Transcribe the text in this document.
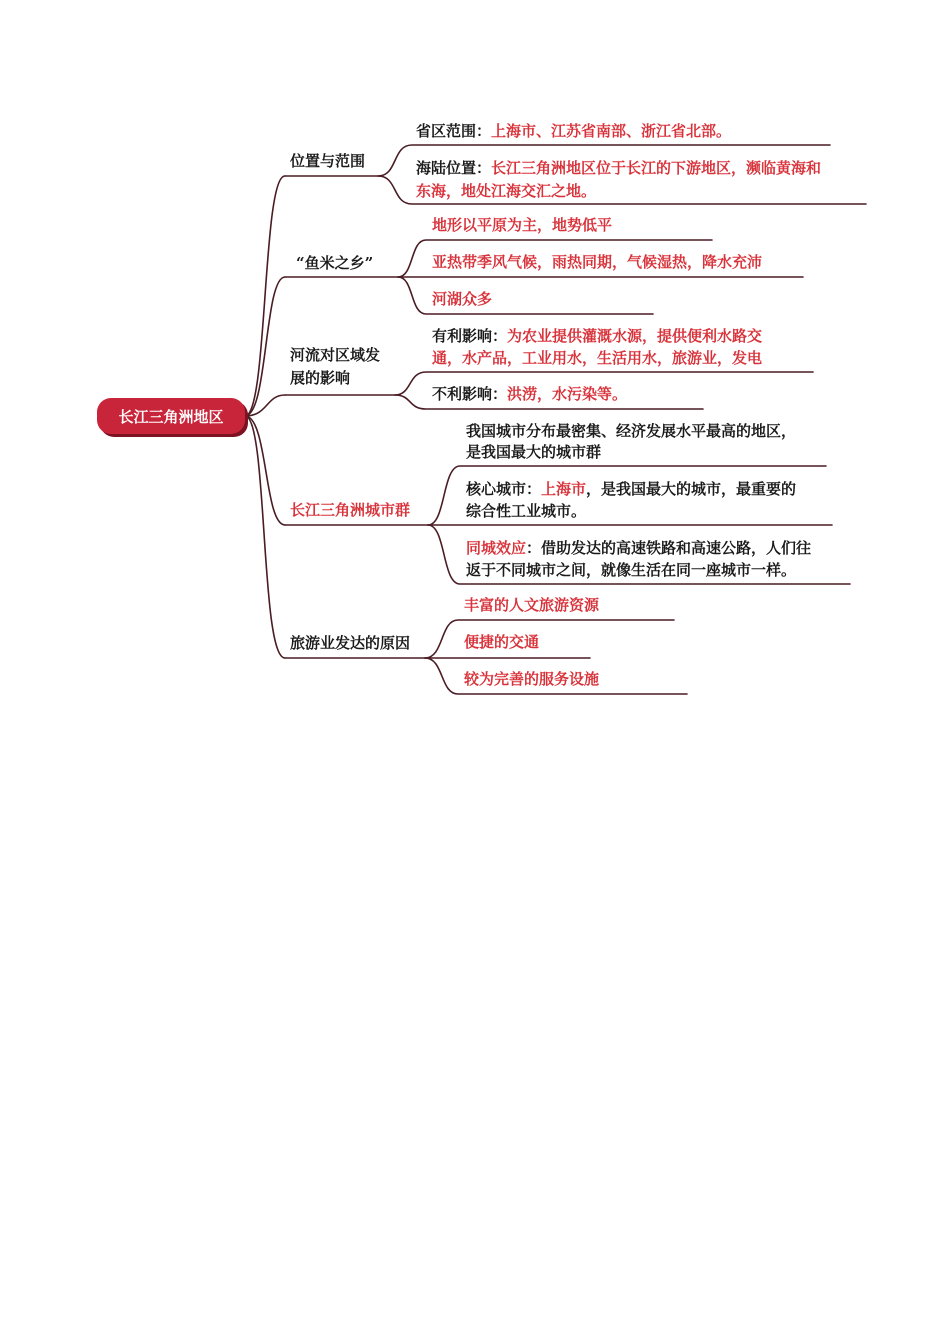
长江三角洲地区
位置与范围
省区范围：上海市、江苏省南部、浙江省北部。
海陆位置：长江三角洲地区位于长江的下游地区，濒临黄海和
东海，地处江海交汇之地。
“鱼米之乡”
地形以平原为主，地势低平
亚热带季风气候，雨热同期，气候湿热，降水充沛
河湖众多
河流对区域发
展的影响
有利影响：为农业提供灌溉水源，提供便利水路交
通，水产品，工业用水，生活用水，旅游业，发电
不利影响：洪涝，水污染等。
长江三角洲城市群
我国城市分布最密集、经济发展水平最高的地区，
是我国最大的城市群
核心城市：上海市，是我国最大的城市，最重要的
综合性工业城市。
同城效应：借助发达的高速铁路和高速公路，人们往
返于不同城市之间，就像生活在同一座城市一样。
旅游业发达的原因
丰富的人文旅游资源
便捷的交通
较为完善的服务设施
